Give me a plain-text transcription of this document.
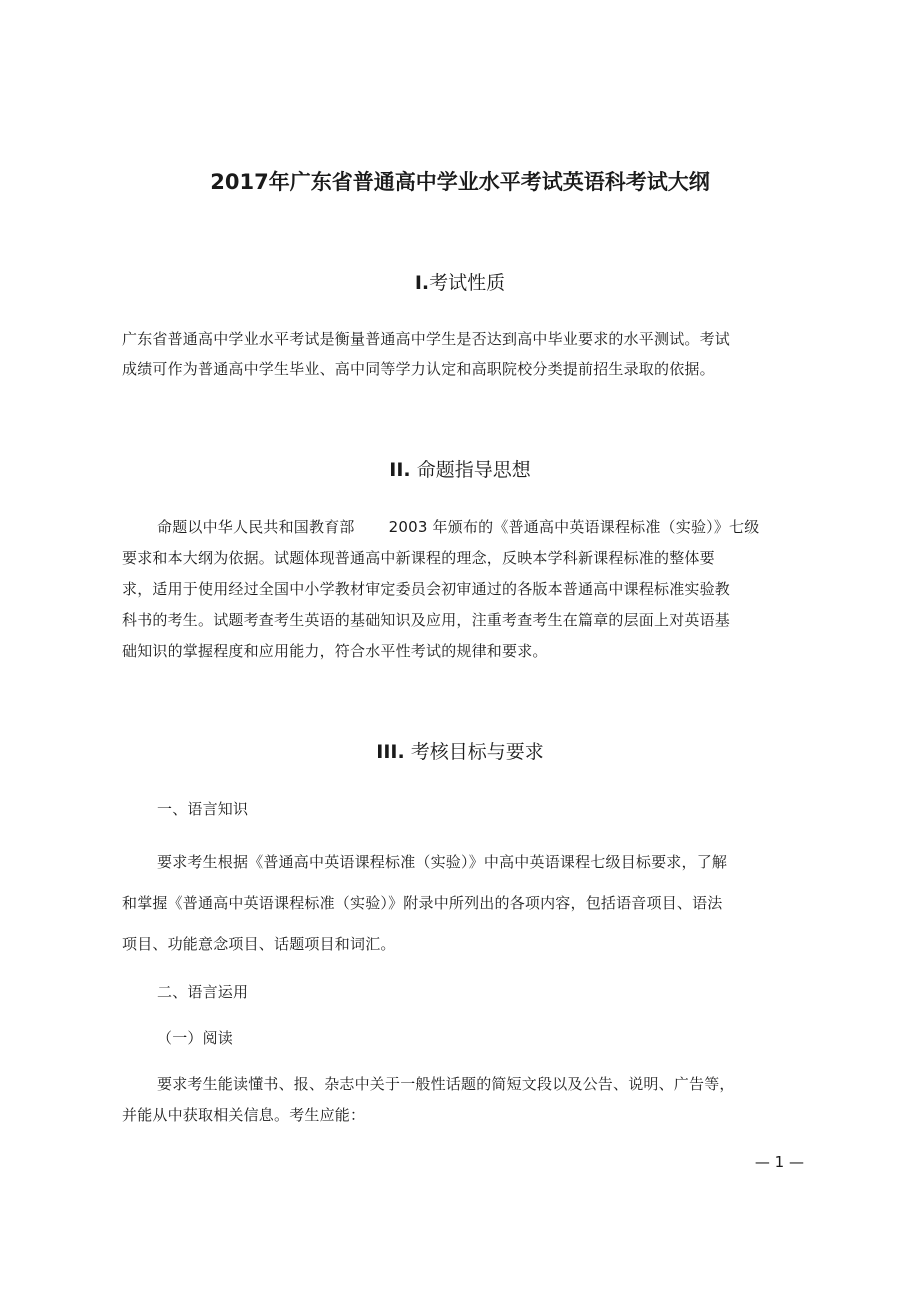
2017年广东省普通高中学业水平考试英语科考试大纲
I.考试性质
广东省普通高中学业水平考试是衡量普通高中学生是否达到高中毕业要求的水平测试。考试
成绩可作为普通高中学生毕业、高中同等学力认定和高职院校分类提前招生录取的依据。
II. 命题指导思想
命题以中华人民共和国教育部 2003 年颁布的《普通高中英语课程标准（实验）》七级
要求和本大纲为依据。试题体现普通高中新课程的理念，反映本学科新课程标准的整体要
求，适用于使用经过全国中小学教材审定委员会初审通过的各版本普通高中课程标准实验教
科书的考生。试题考查考生英语的基础知识及应用，注重考查考生在篇章的层面上对英语基
础知识的掌握程度和应用能力，符合水平性考试的规律和要求。
III. 考核目标与要求
一、语言知识
要求考生根据《普通高中英语课程标准（实验）》中高中英语课程七级目标要求，了解
和掌握《普通高中英语课程标准（实验）》附录中所列出的各项内容，包括语音项目、语法
项目、功能意念项目、话题项目和词汇。
二、语言运用
（一）阅读
要求考生能读懂书、报、杂志中关于一般性话题的简短文段以及公告、说明、广告等，
并能从中获取相关信息。考生应能：
— 1 —
